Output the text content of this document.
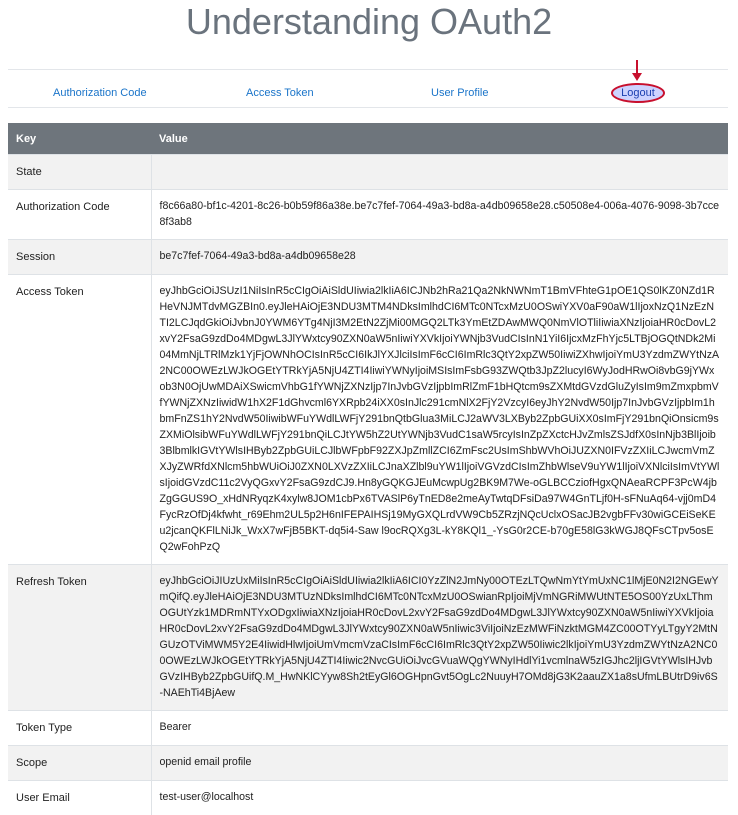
Understanding OAuth2
Authorization Code	Access Token	User Profile	Logout
Key	Value
State	
Authorization Code	f8c66a80-bf1c-4201-8c26-b0b59f86a38e.be7c7fef-7064-49a3-bd8a-a4db09658e28.c50508e4-006a-4076-9098-3b7cce8f3ab8
Session	be7c7fef-7064-49a3-bd8a-a4db09658e28
Access Token	eyJhbGciOiJSUzI1NiIsInR5cCIgOiAiSldUIiwia2lkIiA6ICJNb2hRa21Qa2NkNWNmT1BmVFhteG1pOE1QS0lKZ0NZd1RHeVNJMTdvMGZBIn0.eyJleHAiOjE3NDU3MTM4NDksImlhdCI6MTc0NTcxMzU0OSwiYXV0aF90aW1lIjoxNzQ1NzEzNTI2LCJqdGkiOiJvbnJ0YWM6YTg4NjI3M2EtN2ZjMi00MGQ2LTk3YmEtZDAwMWQ0NmVlOTliIiwiaXNzIjoiaHR0cDovL2xvY2FsaG9zdDo4MDgwL3JlYWxtcy90ZXN0aW5nIiwiYXVkIjoiYWNjb3VudCIsInN1YiI6IjcxMzFhYjc5LTBjOGQtNDk2Mi04MmNjLTRlMzk1YjFjOWNhOCIsInR5cCI6IkJlYXJlciIsImF6cCI6ImRlc3QtY2xpZW50IiwiZXhwIjoiYmU3YzdmZWYtNzA2NC00OWEzLWJkOGEtYTRkYjA5NjU4ZTI4IiwiYWNyIjoiMSIsImFsbG93ZWQtb3JpZ2lucyI6WyJodHRwOi8vbG9jYWxob3N0OjUwMDAiXSwicmVhbG1fYWNjZXNzIjp7InJvbGVzIjpbImRlZmF1bHQtcm9sZXMtdGVzdGluZyIsIm9mZmxpbmVfYWNjZXNzIiwidW1hX2F1dGhvcml6YXRpb24iXX0sInJlc291cmNlX2FjY2VzcyI6eyJhY2NvdW50Ijp7InJvbGVzIjpbIm1hbmFnZS1hY2NvdW50IiwibWFuYWdlLWFjY291bnQtbGlua3MiLCJ2aWV3LXByb2ZpbGUiXX0sImFjY291bnQiOnsicm9sZXMiOlsibWFuYWdlLWFjY291bnQiLCJtYW5hZ2UtYWNjb3VudC1saW5rcyIsInZpZXctcHJvZmlsZSJdfX0sInNjb3BlIjoib3BlbmlkIGVtYWlsIHByb2ZpbGUiLCJlbWFpbF92ZXJpZmllZCI6ZmFsc2UsImShbWVhOiJUZXN0IFVzZXIiLCJwcmVmZXJyZWRfdXNlcm5hbWUiOiJ0ZXN0LXVzZXIiLCJnaXZlbl9uYW1lIjoiVGVzdCIsImZhbWlseV9uYW1lIjoiVXNlciIsImVtYWlsIjoidGVzdC11c2VyQGxvY2FsaG9zdCJ9.Hn8yGQKGJEuMcwpUg2BK9M7We-oGLBCCziofHgxQNAeaRCPF3PcW4jbZgGGUS9O_xHdNRyqzK4xylw8JOM1cbPx6TVASlP6yTnED8e2meAyTwtqDFsiDa97W4GnTLjf0H-sFNuAq64-vjj0mD4FycRzOfDj4kfwht_r69Ehm2UL5p2H6nIFEPAIHSj19MyGXQLrdVW9Cb5ZRzjNQcUclxOSacJB2vgbFFv30wiGCEiSeKEu2jcanQKFlLNiJk_WxX7wFjB5BKT-dq5i4-Saw l9ocRQXg3L-kY8KQl1_-YsG0r2CE-b70gE58lG3kWGJ8QFsCTpv5osEQ2wFohPzQ
Refresh Token	eyJhbGciOiJIUzUxMiIsInR5cCIgOiAiSldUIiwia2lkIiA6ICI0YzZlN2JmNy00OTEzLTQwNmYtYmUxNC1lMjE0N2I2NGEwYmQifQ.eyJleHAiOjE3NDU3MTUzNDksImlhdCI6MTc0NTcxMzU0OSwianRpIjoiMjVmNGRiMWUtNTE5OS00YzUxLThmOGUtYzk1MDRmNTYxODgxIiwiaXNzIjoiaHR0cDovL2xvY2FsaG9zdDo4MDgwL3JlYWxtcy90ZXN0aW5nIiwiYXVkIjoiaHR0cDovL2xvY2FsaG9zdDo4MDgwL3JlYWxtcy90ZXN0aW5nIiwic3ViIjoiNzEzMWFiNzktMGM4ZC00OTYyLTgyY2MtNGUzOTViMWM5Y2E4IiwidHlwIjoiUmVmcmVzaCIsImF6cCI6ImRlc3QtY2xpZW50Iiwic2lkIjoiYmU3YzdmZWYtNzA2NC00OWEzLWJkOGEtYTRkYjA5NjU4ZTI4Iiwic2NvcGUiOiJvcGVuaWQgYWNyIHdlYi1vcmlnaW5zIGJhc2ljIGVtYWlsIHJvbGVzIHByb2ZpbGUifQ.M_HwNKlCYyw8Sh2tEyGl6OGHpnGvt5OgLc2NuuyH7OMd8jG3K2aauZX1a8sUfmLBUtrD9iv6S-NAEhTi4BjAew
Token Type	Bearer
Scope	openid email profile
User Email	test-user@localhost
